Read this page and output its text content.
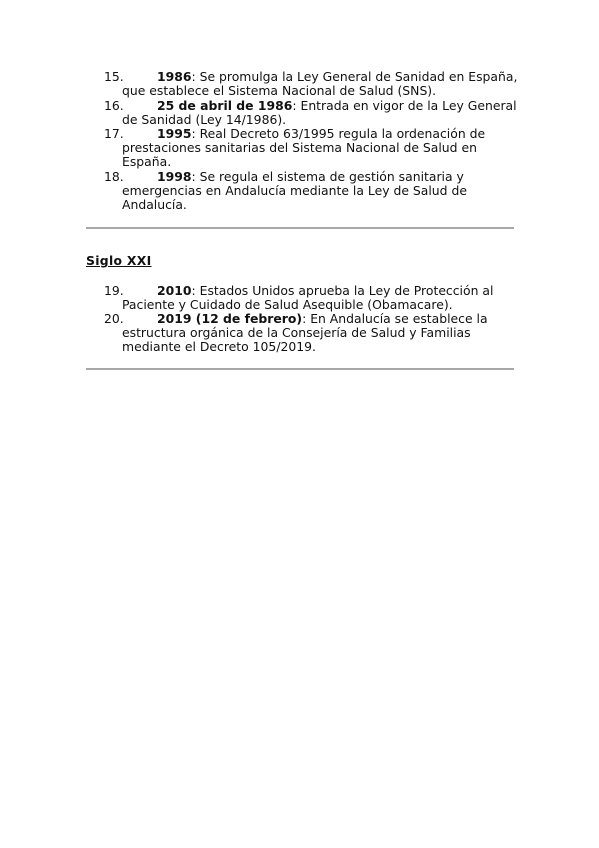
15.	1986: Se promulga la Ley General de Sanidad en España, que establece el Sistema Nacional de Salud (SNS).
16.	25 de abril de 1986: Entrada en vigor de la Ley General de Sanidad (Ley 14/1986).
17.	1995: Real Decreto 63/1995 regula la ordenación de prestaciones sanitarias del Sistema Nacional de Salud en España.
18.	1998: Se regula el sistema de gestión sanitaria y emergencias en Andalucía mediante la Ley de Salud de Andalucía.
Siglo XXI
19.	2010: Estados Unidos aprueba la Ley de Protección al Paciente y Cuidado de Salud Asequible (Obamacare).
20.	2019 (12 de febrero): En Andalucía se establece la estructura orgánica de la Consejería de Salud y Familias mediante el Decreto 105/2019.
